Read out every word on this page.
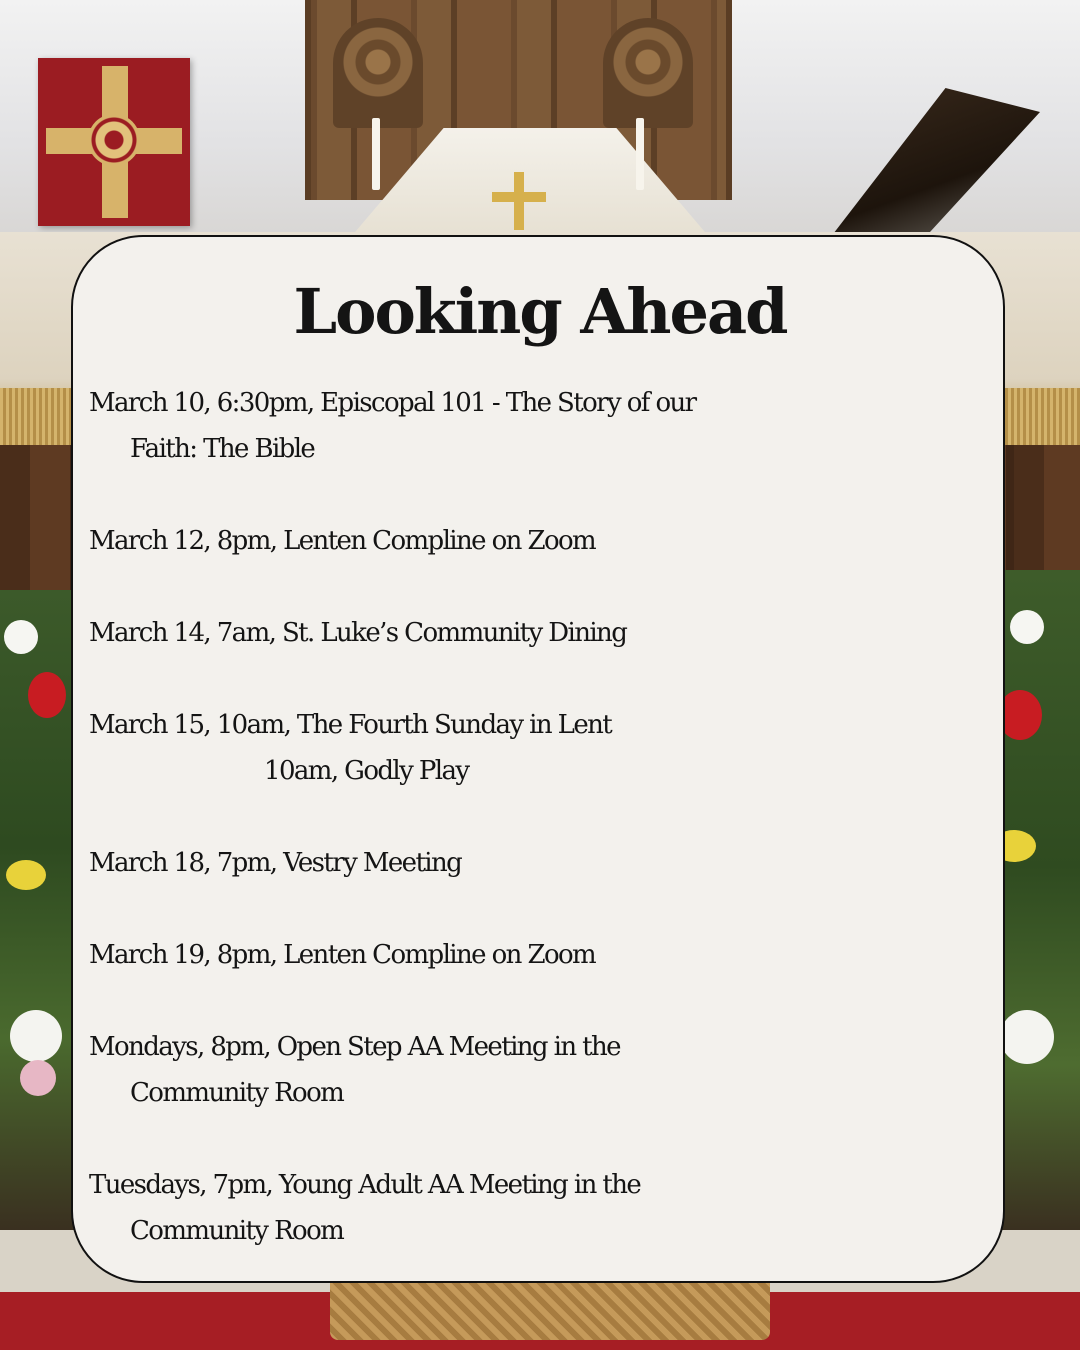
Looking Ahead
March 10, 6:30pm, Episcopal 101 - The Story of our
Faith: The Bible
March 12, 8pm, Lenten Compline on Zoom
March 14, 7am, St. Luke’s Community Dining
March 15, 10am, The Fourth Sunday in Lent
10am, Godly Play
March 18, 7pm, Vestry Meeting
March 19, 8pm, Lenten Compline on Zoom
Mondays, 8pm, Open Step AA Meeting in the
Community Room
Tuesdays, 7pm, Young Adult AA Meeting in the
Community Room
